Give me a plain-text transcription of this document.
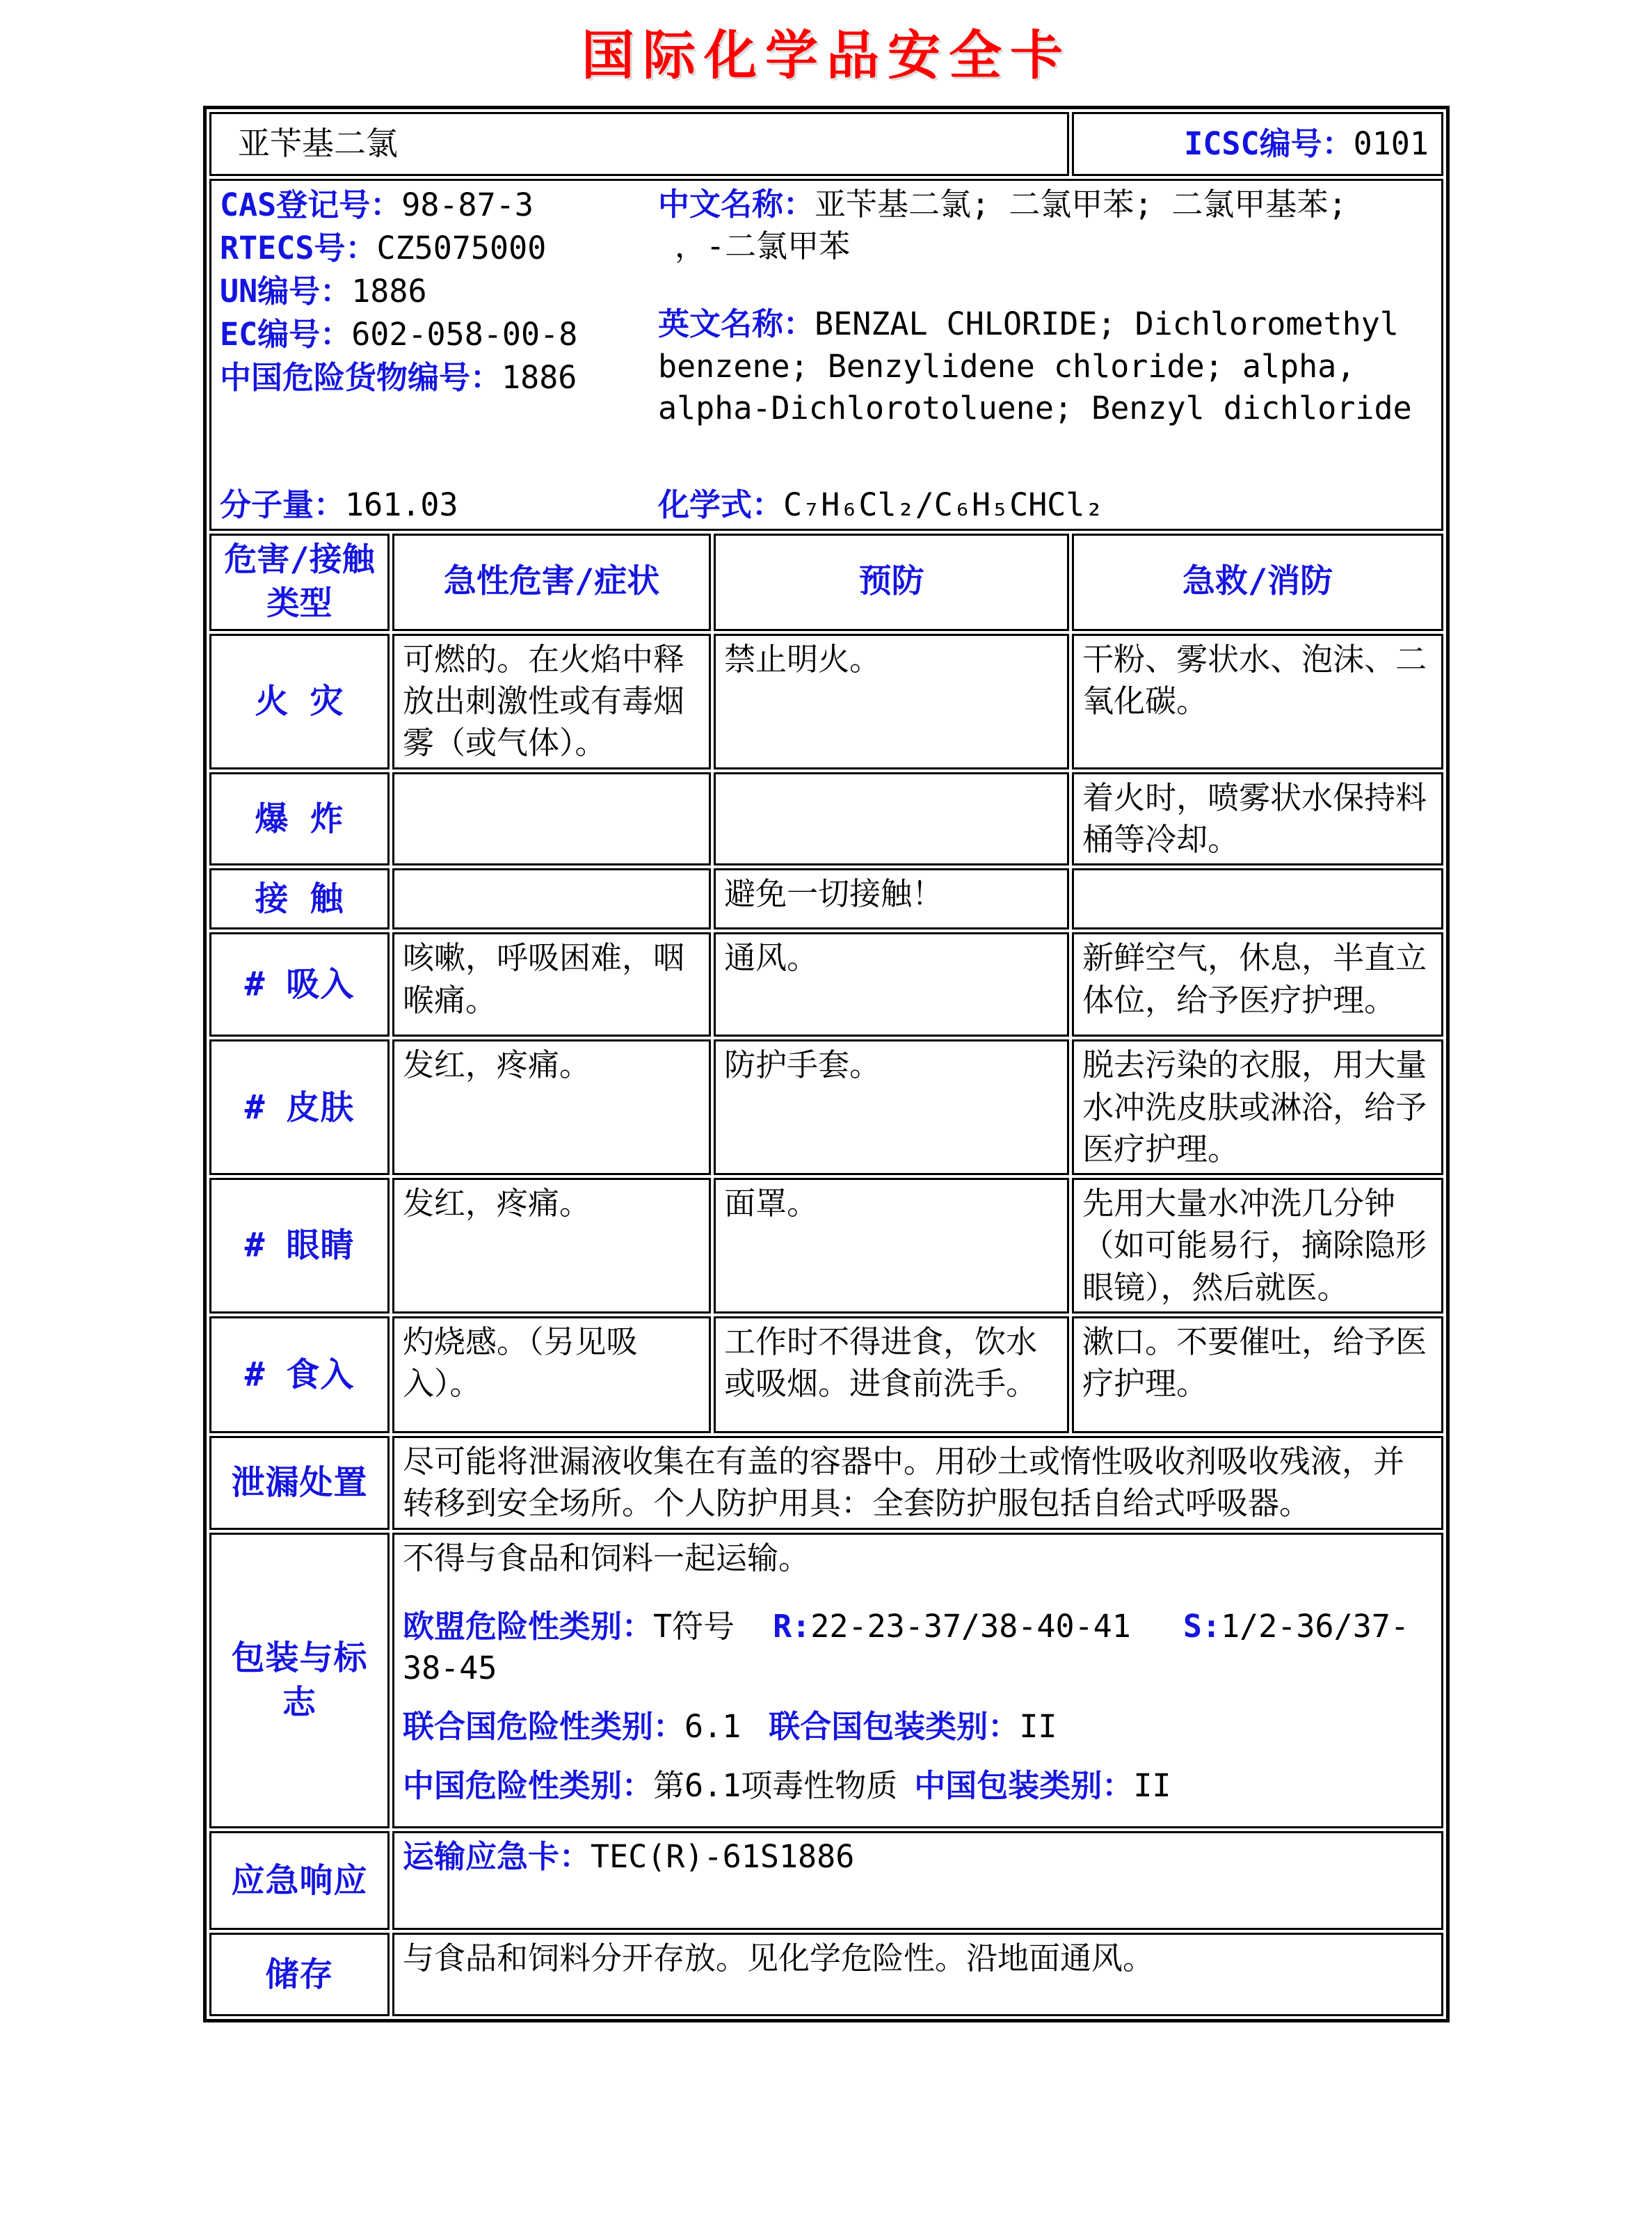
国际化学品安全卡
亚苄基二氯			ICSC编号：0101

CAS登记号：98-87-3
RTECS号：CZ5075000
UN编号：1886
EC编号：602-058-00-8
中国危险货物编号：1886
中文名称：亚苄基二氯; 二氯甲苯; 二氯甲基苯;
，-二氯甲苯
英文名称：BENZAL CHLORIDE; Dichloromethyl benzene; Benzylidene chloride; alpha, alpha-Dichlorotoluene; Benzyl dichloride
分子量：161.03	化学式：C₇H₆Cl₂/C₆H₅CHCl₂

危害/接触类型	急性危害/症状	预防	急救/消防
火 灾	可燃的。在火焰中释放出刺激性或有毒烟雾（或气体）。	禁止明火。	干粉、雾状水、泡沫、二氧化碳。
爆 炸			着火时，喷雾状水保持料桶等冷却。
接 触		避免一切接触！	
# 吸入	咳嗽，呼吸困难，咽喉痛。	通风。	新鲜空气，休息，半直立体位，给予医疗护理。
# 皮肤	发红，疼痛。	防护手套。	脱去污染的衣服，用大量水冲洗皮肤或淋浴，给予医疗护理。
# 眼睛	发红，疼痛。	面罩。	先用大量水冲洗几分钟（如可能易行，摘除隐形眼镜），然后就医。
# 食入	灼烧感。（另见吸入）。	工作时不得进食，饮水或吸烟。进食前洗手。	漱口。不要催吐，给予医疗护理。
泄漏处置	尽可能将泄漏液收集在有盖的容器中。用砂土或惰性吸收剂吸收残液，并转移到安全场所。个人防护用具：全套防护服包括自给式呼吸器。		
包装与标志	不得与食品和饲料一起运输。

欧盟危险性类别：T符号 R:22-23-37/38-40-41 S:1/2-36/37-38-45

联合国危险性类别：6.1 联合国包装类别：II

中国危险性类别：第6.1项毒性物质 中国包装类别：II		

应急响应	运输应急卡：TEC(R)-61S1886		
储存	与食品和饲料分开存放。见化学危险性。沿地面通风。		
